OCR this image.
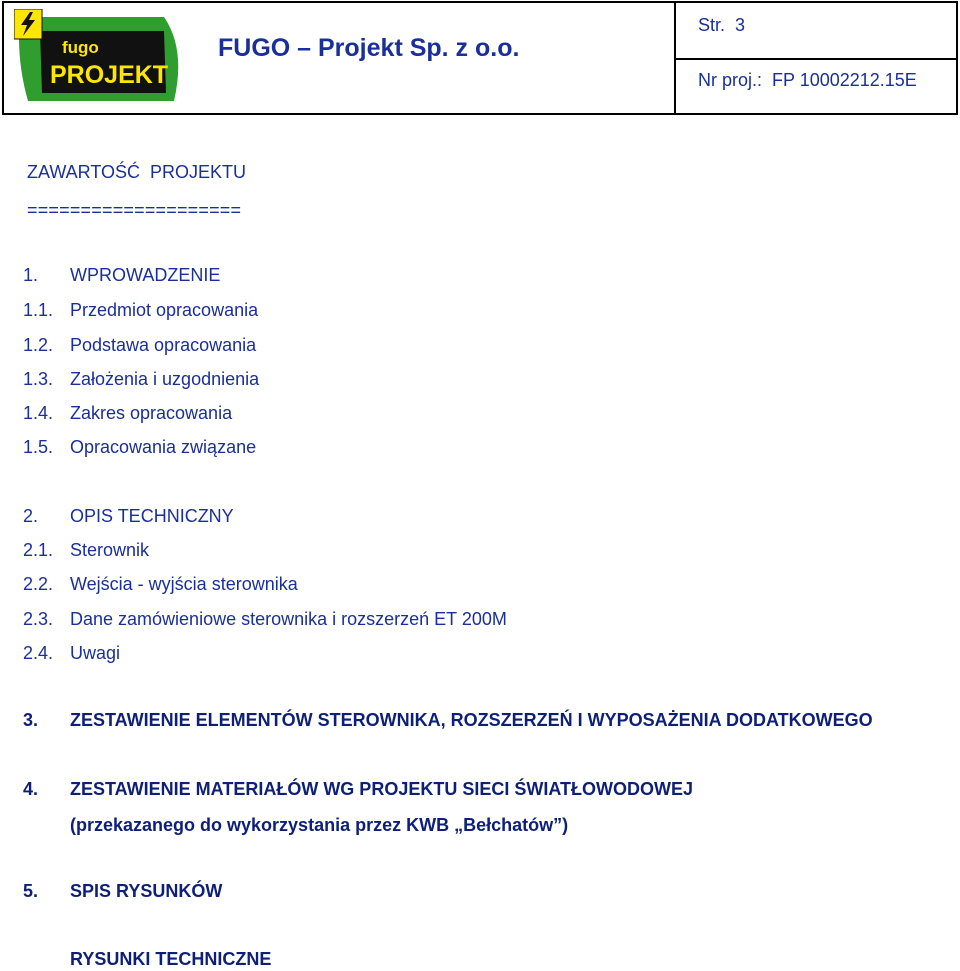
fugo
PROJEKT
FUGO – Projekt Sp. z o.o.
Str.  3
Nr proj.:  FP 10002212.15E
ZAWARTOŚĆ  PROJEKTU
====================
1. WPROWADZENIE
1.1. Przedmiot opracowania
1.2. Podstawa opracowania
1.3. Założenia i uzgodnienia
1.4. Zakres opracowania
1.5. Opracowania związane
2. OPIS TECHNICZNY
2.1. Sterownik
2.2. Wejścia - wyjścia sterownika
2.3. Dane zamówieniowe sterownika i rozszerzeń ET 200M
2.4. Uwagi
3. ZESTAWIENIE ELEMENTÓW STEROWNIKA, ROZSZERZEŃ I WYPOSAŻENIA DODATKOWEGO
4. ZESTAWIENIE MATERIAŁÓW WG PROJEKTU SIECI ŚWIATŁOWODOWEJ
(przekazanego do wykorzystania przez KWB „Bełchatów”)
5. SPIS RYSUNKÓW
RYSUNKI TECHNICZNE
